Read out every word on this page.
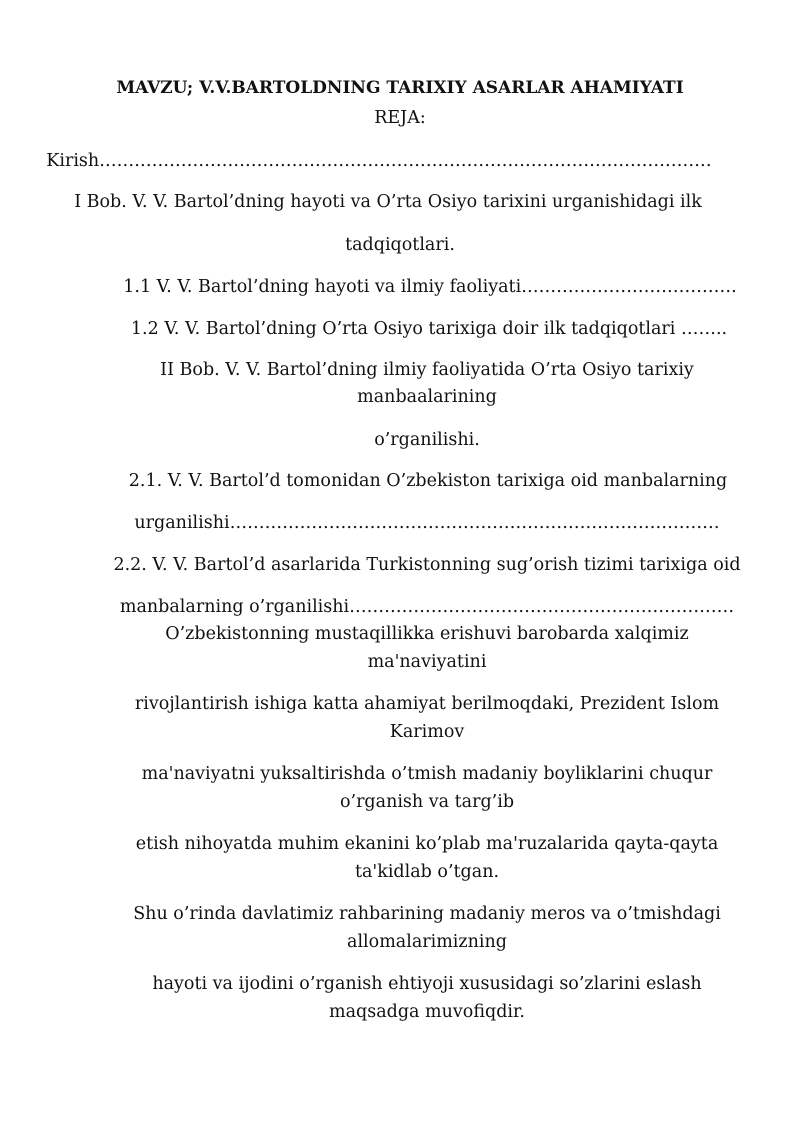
MAVZU; V.V.BARTOLDNING TARIXIY ASARLAR AHAMIYATI
REJA:
Kirish……………………………………………………………………………………………
I Bob. V. V. Bartol’dning hayoti va O’rta Osiyo tarixini urganishidagi ilk
tadqiqotlari.
1.1 V. V. Bartol’dning hayoti va ilmiy faoliyati……………………………….
1.2 V. V. Bartol’dning O’rta Osiyo tarixiga doir ilk tadqiqotlari ……..
II Bob. V. V. Bartol’dning ilmiy faoliyatida O’rta Osiyo tarixiy
manbaalarining
o’rganilishi.
2.1. V. V. Bartol’d tomonidan O’zbekiston tarixiga oid manbalarning
urganilishi…………………………………………………………………………
2.2. V. V. Bartol’d asarlarida Turkistonning sug’orish tizimi tarixiga oid
manbalarning o’rganilishi…………………………………………………………
O’zbekistonning mustaqillikka erishuvi barobarda xalqimiz
ma'naviyatini
rivojlantirish ishiga katta ahamiyat berilmoqdaki, Prezident Islom
Karimov
ma'naviyatni yuksaltirishda o’tmish madaniy boyliklarini chuqur
o’rganish va targ’ib
etish nihoyatda muhim ekanini ko’plab ma'ruzalarida qayta-qayta
ta'kidlab o’tgan.
Shu o’rinda davlatimiz rahbarining madaniy meros va o’tmishdagi
allomalarimizning
hayoti va ijodini o’rganish ehtiyoji xususidagi so’zlarini eslash
maqsadga muvofiqdir.
